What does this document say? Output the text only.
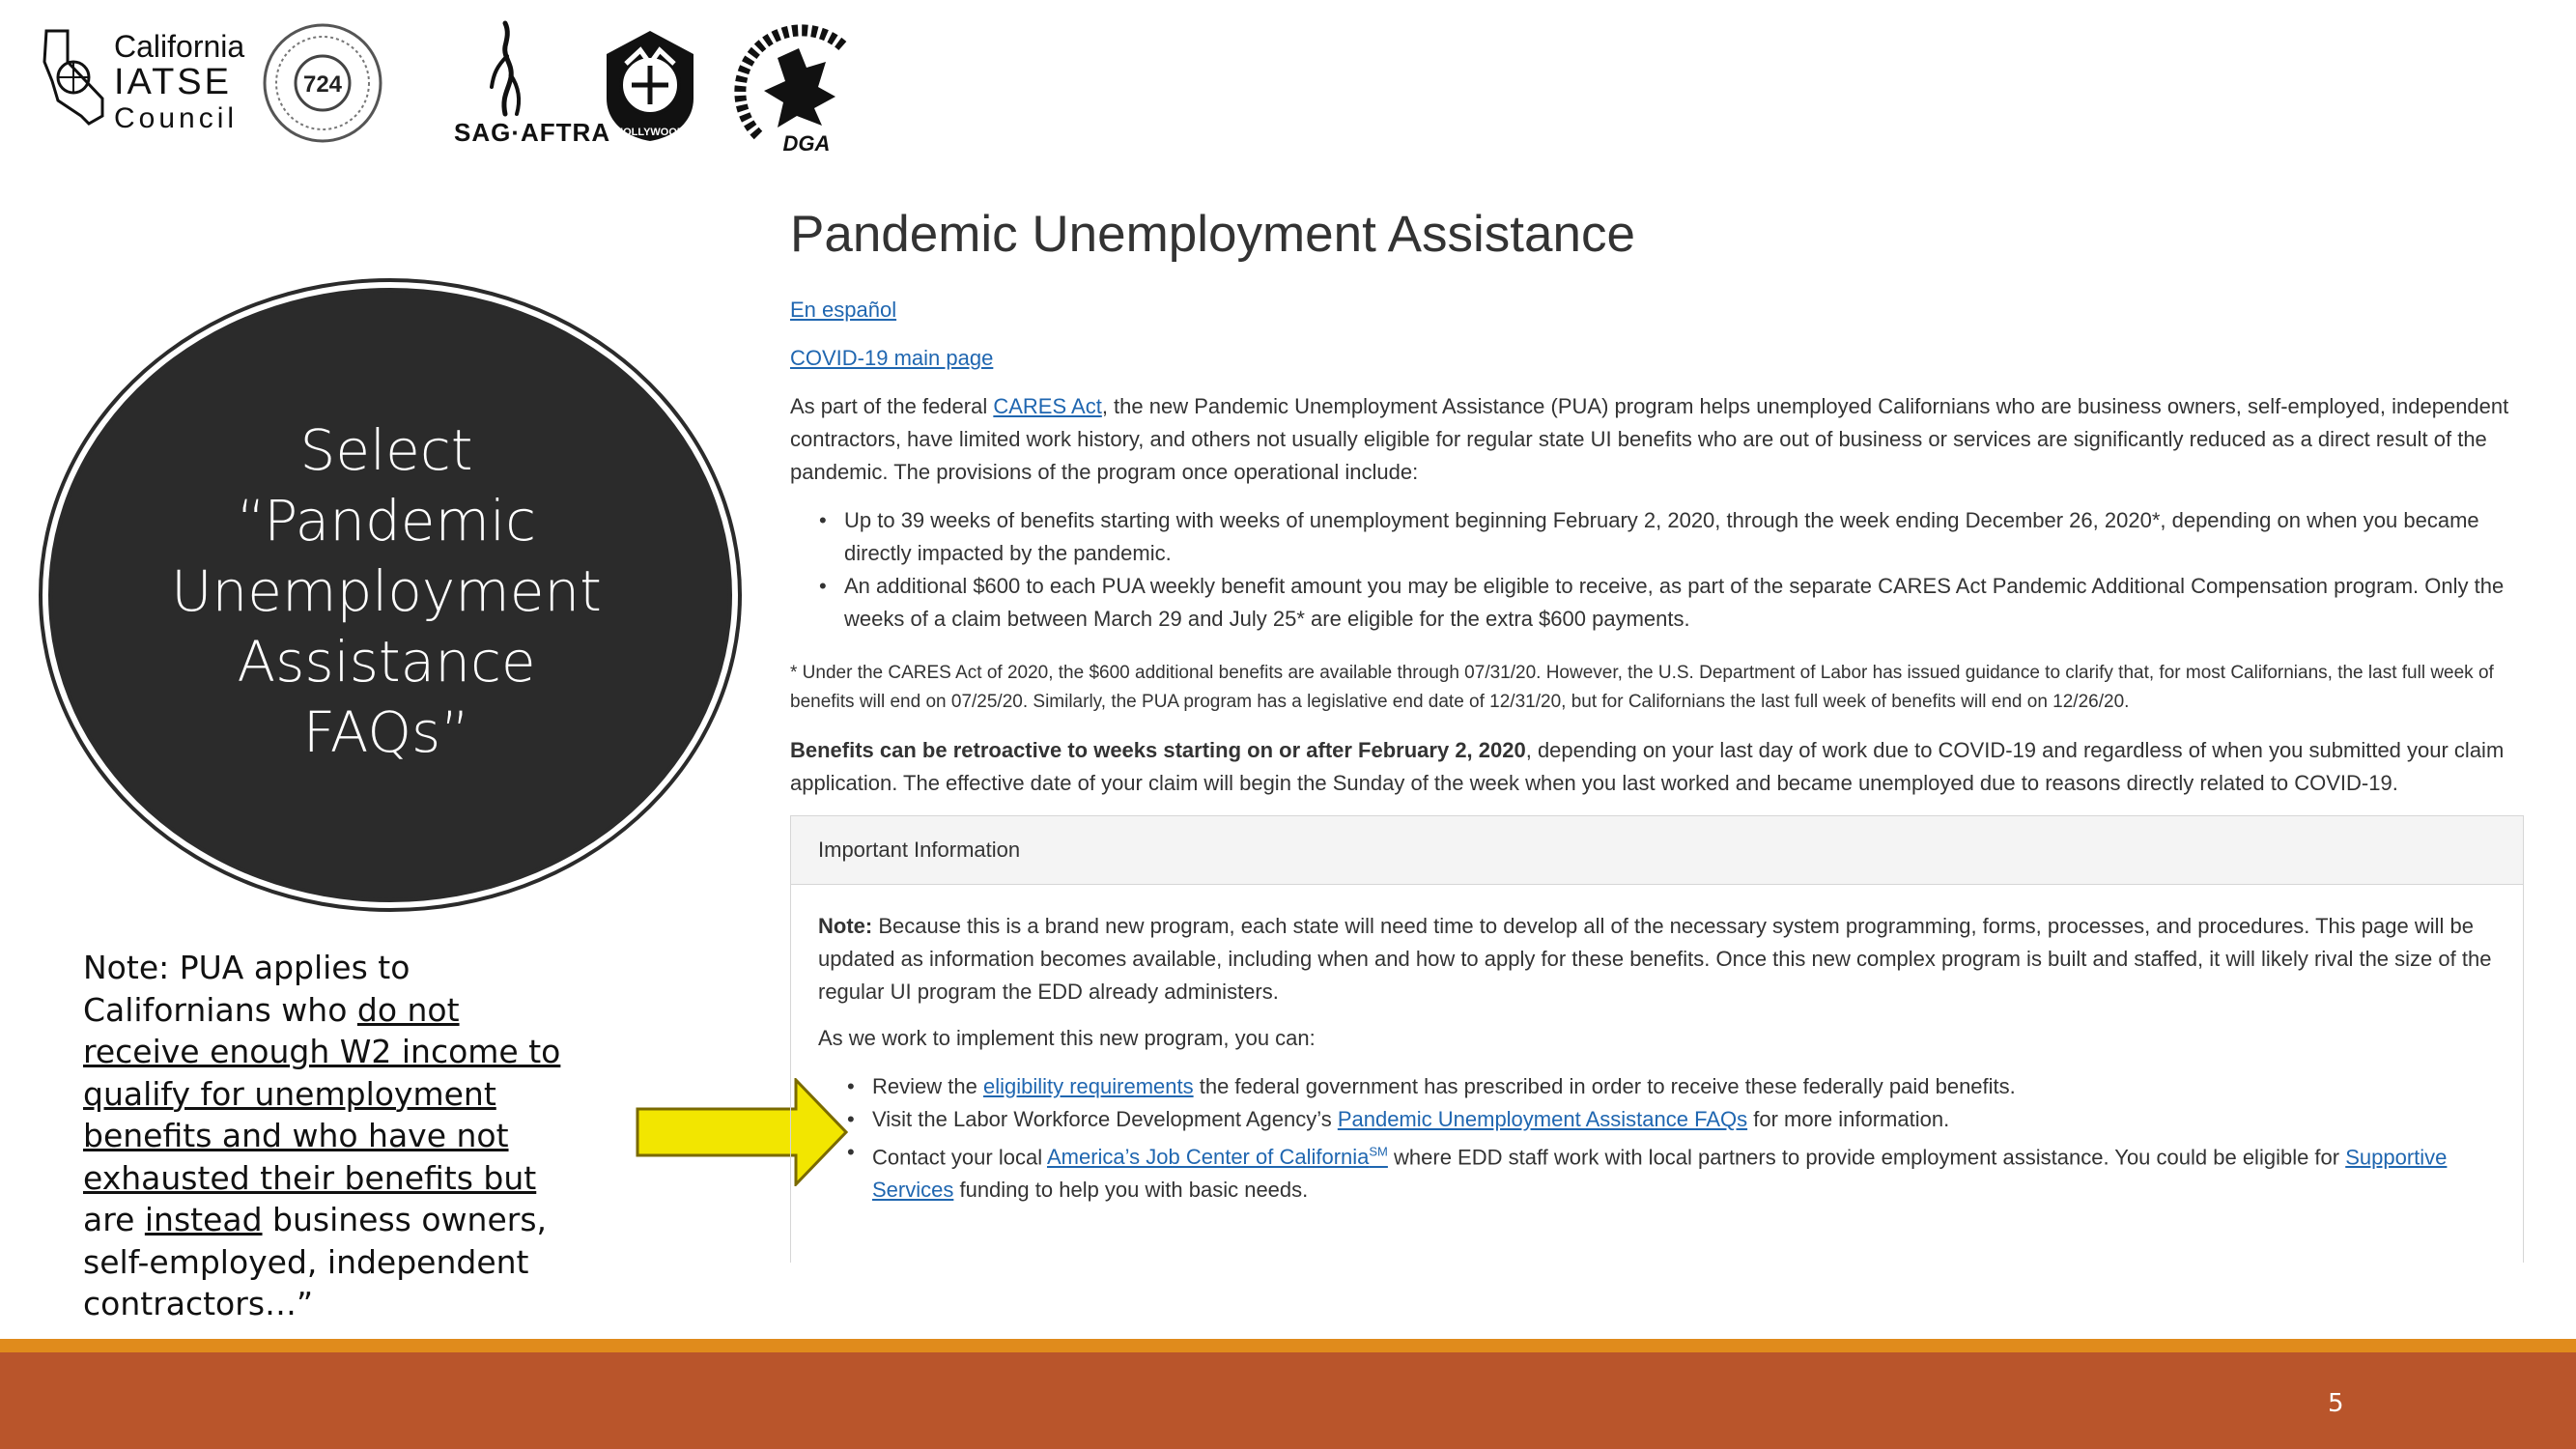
California
IATSE
Council
724
SAG·AFTRA HOLLYWOOD	DGA
Select
“Pandemic
Unemployment
Assistance
FAQs”
Note: PUA applies to Californians who do not receive enough W2 income to qualify for unemployment benefits and who have not exhausted their benefits but are instead business owners, self-employed, independent contractors…”
Pandemic Unemployment Assistance
En español
COVID-19 main page
As part of the federal CARES Act, the new Pandemic Unemployment Assistance (PUA) program helps unemployed Californians who are business owners, self-employed, independent contractors, have limited work history, and others not usually eligible for regular state UI benefits who are out of business or services are significantly reduced as a direct result of the pandemic. The provisions of the program once operational include:
• Up to 39 weeks of benefits starting with weeks of unemployment beginning February 2, 2020, through the week ending December 26, 2020*, depending on when you became directly impacted by the pandemic.
• An additional $600 to each PUA weekly benefit amount you may be eligible to receive, as part of the separate CARES Act Pandemic Additional Compensation program. Only the weeks of a claim between March 29 and July 25* are eligible for the extra $600 payments.
* Under the CARES Act of 2020, the $600 additional benefits are available through 07/31/20. However, the U.S. Department of Labor has issued guidance to clarify that, for most Californians, the last full week of benefits will end on 07/25/20. Similarly, the PUA program has a legislative end date of 12/31/20, but for Californians the last full week of benefits will end on 12/26/20.
Benefits can be retroactive to weeks starting on or after February 2, 2020, depending on your last day of work due to COVID-19 and regardless of when you submitted your claim application. The effective date of your claim will begin the Sunday of the week when you last worked and became unemployed due to reasons directly related to COVID-19.
Important Information
Note: Because this is a brand new program, each state will need time to develop all of the necessary system programming, forms, processes, and procedures. This page will be updated as information becomes available, including when and how to apply for these benefits. Once this new complex program is built and staffed, it will likely rival the size of the regular UI program the EDD already administers.
As we work to implement this new program, you can:
• Review the eligibility requirements the federal government has prescribed in order to receive these federally paid benefits.
• Visit the Labor Workforce Development Agency’s Pandemic Unemployment Assistance FAQs for more information.
• Contact your local America’s Job Center of California℠ where EDD staff work with local partners to provide employment assistance. You could be eligible for Supportive Services funding to help you with basic needs.
5
